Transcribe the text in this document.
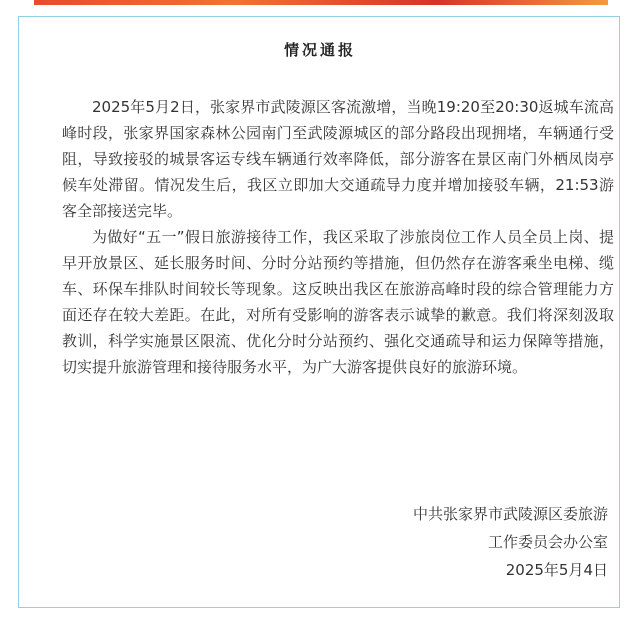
情况通报

2025年5月2日，张家界市武陵源区客流激增，当晚19:20至20:30返城车流高峰时段，张家界国家森林公园南门至武陵源城区的部分路段出现拥堵，车辆通行受阻，导致接驳的城景客运专线车辆通行效率降低，部分游客在景区南门外栖凤岗亭候车处滞留。情况发生后，我区立即加大交通疏导力度并增加接驳车辆，21:53游客全部接送完毕。

为做好“五一”假日旅游接待工作，我区采取了涉旅岗位工作人员全员上岗、提早开放景区、延长服务时间、分时分站预约等措施，但仍然存在游客乘坐电梯、缆车、环保车排队时间较长等现象。这反映出我区在旅游高峰时段的综合管理能力方面还存在较大差距。在此，对所有受影响的游客表示诚挚的歉意。我们将深刻汲取教训，科学实施景区限流、优化分时分站预约、强化交通疏导和运力保障等措施，切实提升旅游管理和接待服务水平，为广大游客提供良好的旅游环境。

中共张家界市武陵源区委旅游
工作委员会办公室
2025年5月4日
